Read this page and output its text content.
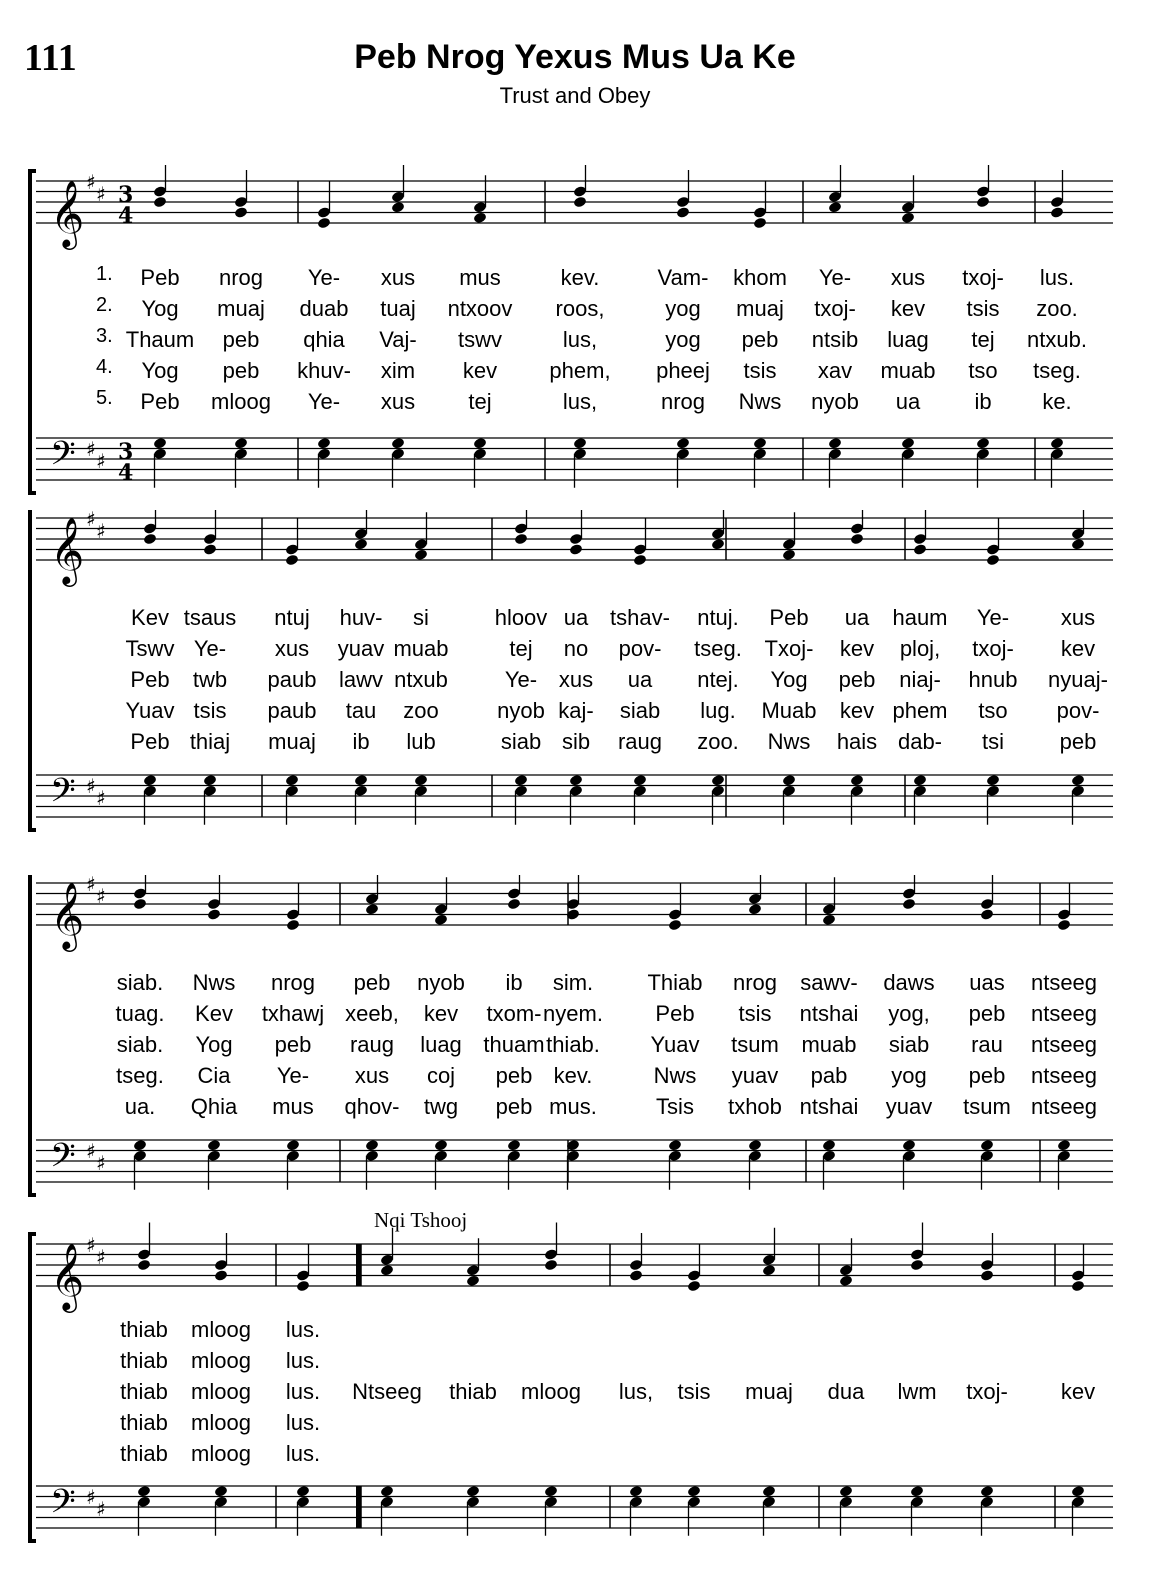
111	Peb Nrog Yexus Mus Ua Ke
Trust and Obey
𝄞 ♯ ♯
𝄢 ♯ ♯
3
4
3
4
1. Peb nrog Ye- xus mus	kev.	Vam- khom Ye- xus txoj- lus.
2. Yog muaj duab tuaj ntxoov roos,	yog muaj txoj- kev tsis zoo.
3. Thaum peb qhia Vaj- tswv	lus,	yog peb ntsib luag tej ntxub.
4. Yog peb khuv- xim kev phem, pheej tsis xav muab tso tseg.
5. Peb mloog Ye- xus tej	lus,	nrog Nws nyob ua ib ke.
𝄞 ♯ ♯
𝄢 ♯ ♯
Kev tsaus ntuj huv- si	hloov ua tshav- ntuj. Peb ua haum Ye- xus
Tswv Ye- xus yuav muab	tej no pov- tseg. Txoj- kev ploj, txoj- kev
Peb twb paub lawv ntxub	Ye- xus ua ntej. Yog peb niaj- hnub nyuaj-
Yuav tsis paub tau zoo	nyob kaj- siab lug. Muab kev phem tso pov-
Peb thiaj muaj ib lub	siab sib raug zoo. Nws hais dab- tsi	peb
𝄞 ♯ ♯
𝄢 ♯ ♯
siab. Nws nrog peb nyob ib sim. Thiab nrog sawv- daws uas ntseeg
tuag. Kev txhawj xeeb, kev txom- nyem. Peb tsis ntshai yog, peb ntseeg
siab. Yog peb raug luag thuam thiab. Yuav tsum muab siab rau ntseeg
tseg. Cia Ye- xus coj peb kev.	Nws yuav pab yog peb ntseeg
ua. Qhia mus qhov- twg peb mus.	Tsis txhob ntshai yuav tsum ntseeg
𝄞 ♯ ♯
𝄢 ♯ ♯
Nqi Tshooj
thiab mloog lus.
thiab mloog lus.
thiab mloog lus. Ntseeg thiab mloog lus, tsis muaj dua lwm txoj- kev
thiab mloog lus.
thiab mloog lus.
